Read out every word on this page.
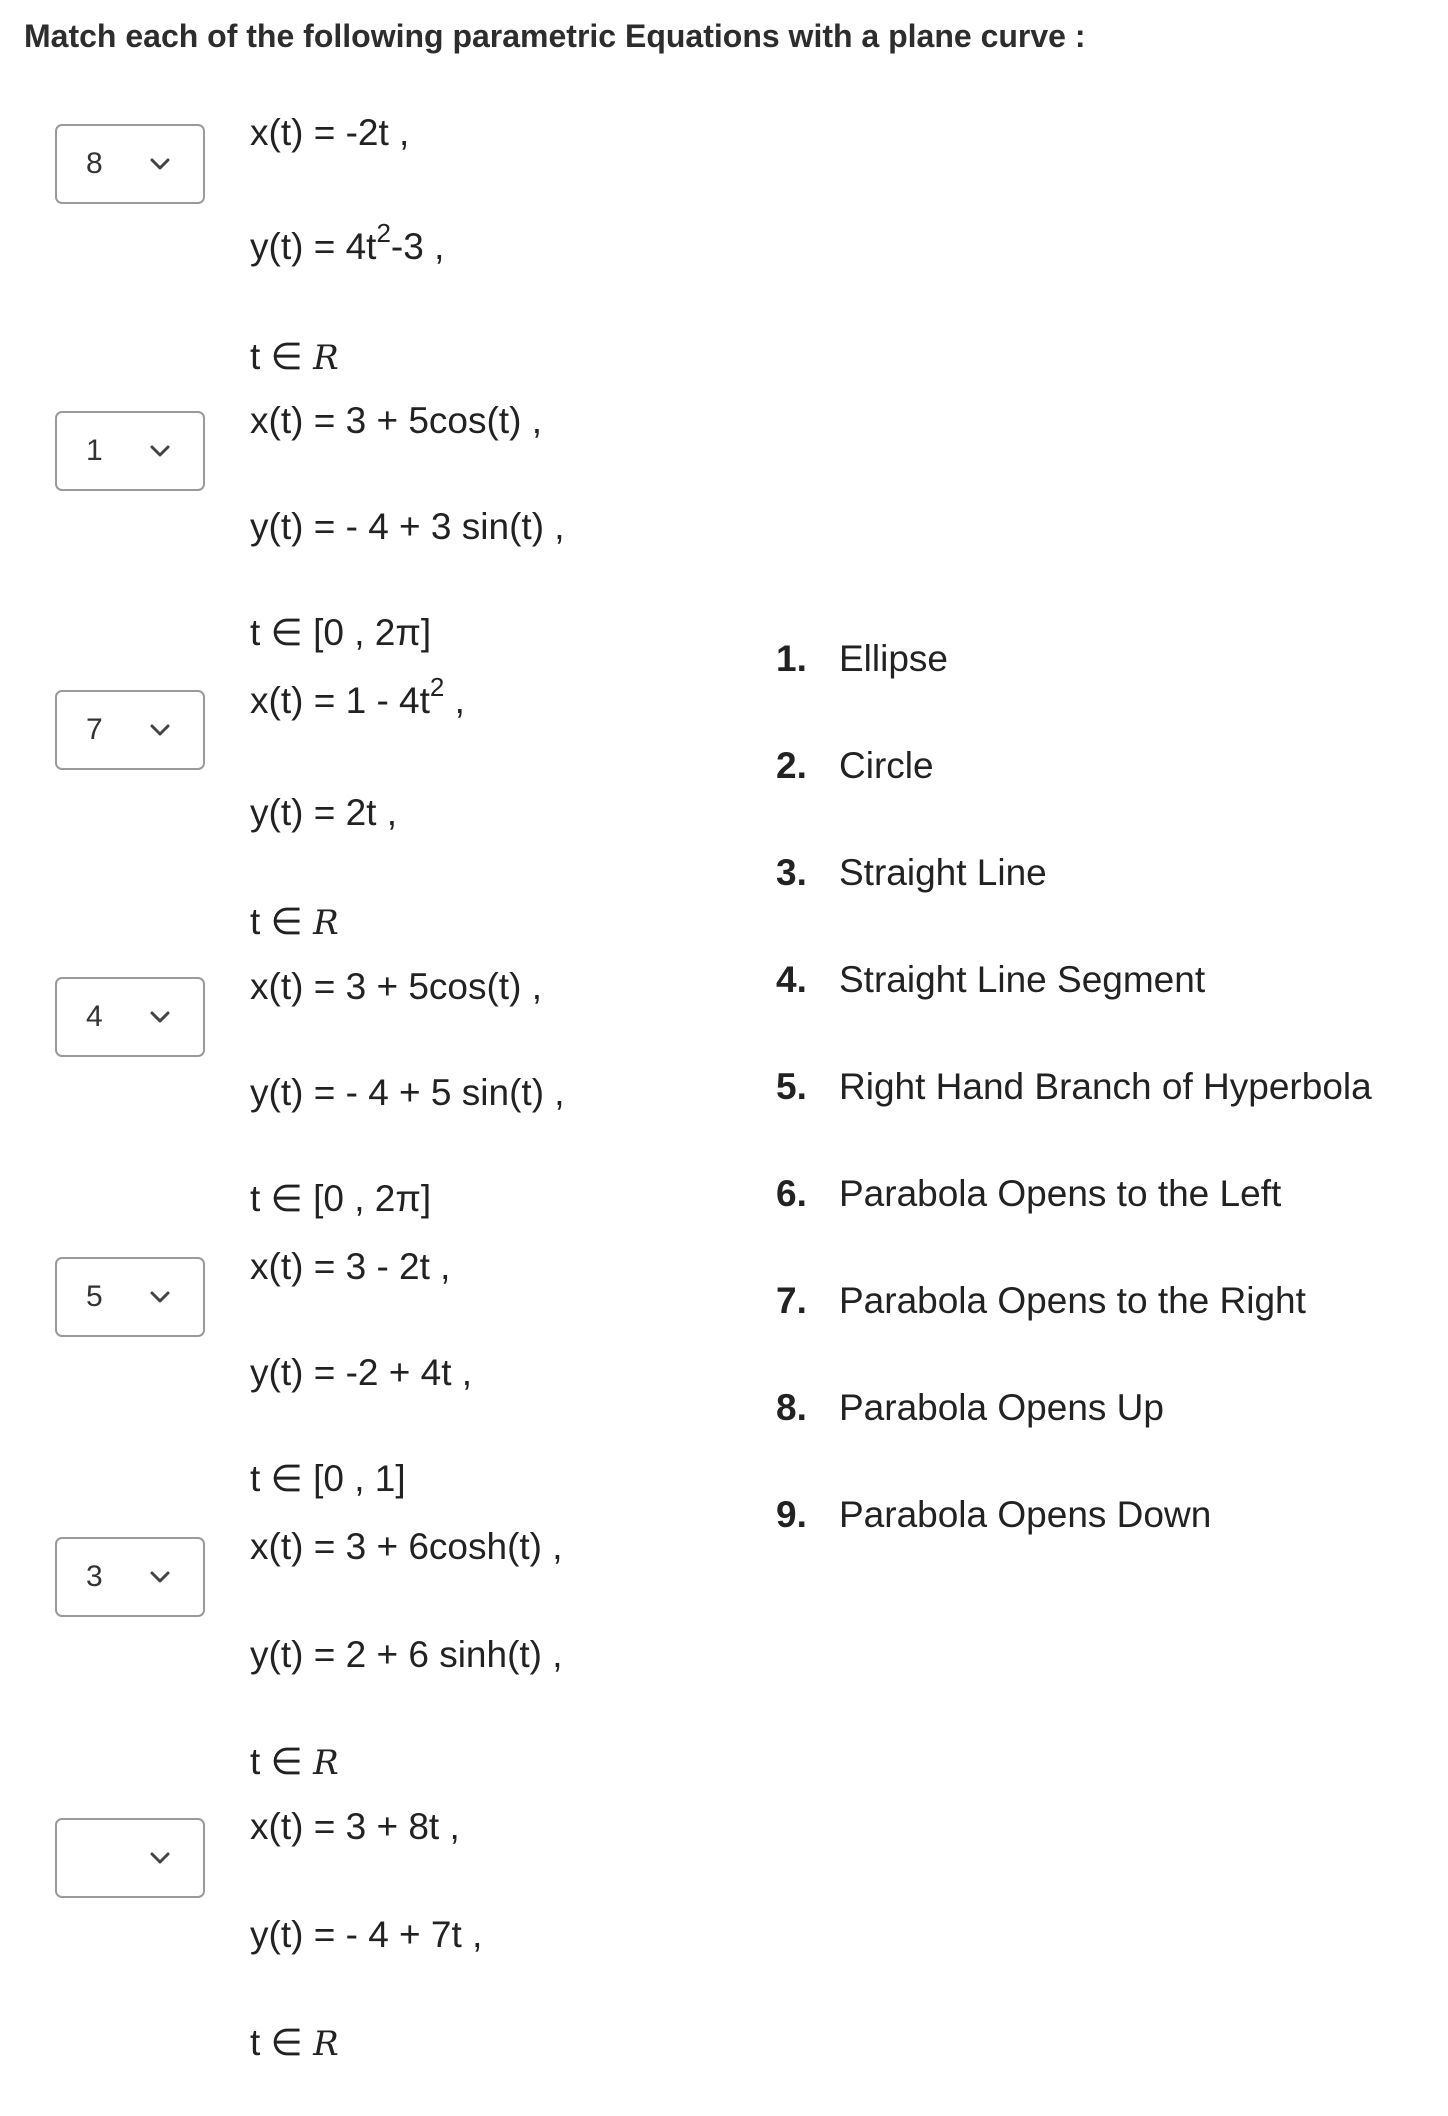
Match each of the following parametric Equations with a plane curve :
8
x(t) = -2t ,
$y(t) = 4t^2-3$ ,
t ∈ R
1
x(t) = 3 + 5cos(t) ,
y(t) = - 4 + 3 sin(t) ,
t ∈ [0 , 2π]
7
$x(t) = 1 - 4t^2$ ,
y(t) = 2t ,
t ∈ R
4
x(t) = 3 + 5cos(t) ,
y(t) = - 4 + 5 sin(t) ,
t ∈ [0 , 2π]
5
x(t) = 3 - 2t ,
y(t) = -2 + 4t ,
t ∈ [0 , 1]
3
x(t) = 3 + 6cosh(t) ,
y(t) = 2 + 6 sinh(t) ,
t ∈ R
x(t) = 3 + 8t ,
y(t) = - 4 + 7t ,
t ∈ R
1. Ellipse
2. Circle
3. Straight Line
4. Straight Line Segment
5. Right Hand Branch of Hyperbola
6. Parabola Opens to the Left
7. Parabola Opens to the Right
8. Parabola Opens Up
9. Parabola Opens Down
